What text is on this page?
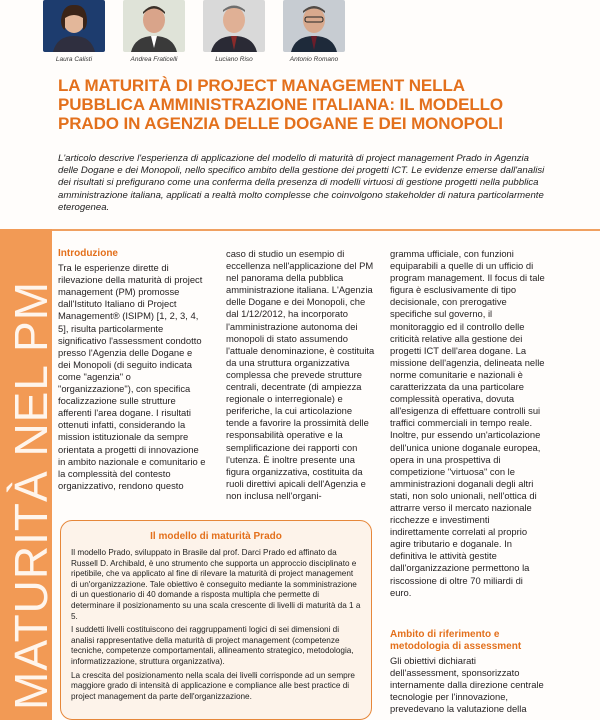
Laura Calisti	Andrea Fraticelli	Luciano Riso	Antonio Romano
LA MATURITÀ DI PROJECT MANAGEMENT NELLA PUBBLICA AMMINISTRAZIONE ITALIANA: IL MODELLO PRADO IN AGENZIA DELLE DOGANE E DEI MONOPOLI

L'articolo descrive l'esperienza di applicazione del modello di maturità di project management Prado in Agenzia delle Dogane e dei Monopoli, nello specifico ambito della gestione dei progetti ICT. Le evidenze emerse dall'analisi dei risultati si prefigurano come una conferma della presenza di modelli virtuosi di gestione progetti nella pubblica amministrazione italiana, applicati a realtà molto complesse che coinvolgono stakeholder di natura particolarmente eterogenea.

MATURITÀ NEL PM
Introduzione

Tra le esperienze dirette di rilevazione della maturità di project management (PM) promosse dall'Istituto Italiano di Project Management® (ISIPM) [1, 2, 3, 4, 5], risulta particolarmente significativo l'assessment condotto presso l'Agenzia delle Dogane e dei Monopoli (di seguito indicata come "agenzia" o "organizzazione"), con specifica focalizzazione sulle strutture afferenti l'area dogane. I risultati ottenuti infatti, considerando la mission istituzionale da sempre orientata a progetti di innovazione in ambito nazionale e comunitario e la complessità del contesto organizzativo, rendono questo

caso di studio un esempio di eccellenza nell'applicazione del PM nel panorama della pubblica amministrazione italiana. L'Agenzia delle Dogane e dei Monopoli, che dal 1/12/2012, ha incorporato l'amministrazione autonoma dei monopoli di stato assumendo l'attuale denominazione, è costituita da una struttura organizzativa complessa che prevede strutture centrali, decentrate (di ampiezza regionale o interregionale) e periferiche, la cui articolazione tende a favorire la prossimità delle responsabilità operative e la semplificazione dei rapporti con l'utenza. È inoltre presente una figura organizzativa, costituita da ruoli direttivi apicali dell'Agenzia e non inclusa nell'organi-

gramma ufficiale, con funzioni equiparabili a quelle di un ufficio di program management. Il focus di tale figura è esclusivamente di tipo decisionale, con prerogative specifiche sul governo, il monitoraggio ed il controllo delle criticità relative alla gestione dei progetti ICT dell'area dogane. La missione dell'agenzia, delineata nelle norme comunitarie e nazionali è caratterizzata da una particolare complessità operativa, dovuta all'esigenza di effettuare controlli sui traffici commerciali in tempo reale. Inoltre, pur essendo un'articolazione dell'unica unione doganale europea, opera in una prospettiva di competizione "virtuosa" con le amministrazioni doganali degli altri stati, non solo unionali, nell'ottica di attrarre verso il mercato nazionale ricchezze e investimenti indirettamente correlati al proprio agire tributario e doganale. In definitiva le attività gestite dall'organizzazione permettono la riscossione di oltre 70 miliardi di euro.

Ambito di riferimento e metodologia di assessment

Gli obiettivi dichiarati dell'assessment, sponsorizzato internamente dalla direzione centrale tecnologie per l'innovazione, prevedevano la valutazione della

Il modello di maturità Prado

Il modello Prado, sviluppato in Brasile dal prof. Darci Prado ed affinato da Russell D. Archibald, è uno strumento che supporta un approccio disciplinato e ripetibile, che va applicato al fine di rilevare la maturità di project management di un'organizzazione. Tale obiettivo è conseguito mediante la somministrazione di un questionario di 40 domande a risposta multipla che permette di determinare il posizionamento su una scala crescente di livelli di maturità da 1 a 5.

I suddetti livelli costituiscono dei raggruppamenti logici di sei dimensioni di analisi rappresentative della maturità di project management (competenze tecniche, competenze comportamentali, allineamento strategico, metodologia, informatizzazione, struttura organizzativa).

La crescita del posizionamento nella scala dei livelli corrisponde ad un sempre maggiore grado di intensità di applicazione e compliance alle best practice di project management da parte dell'organizzazione.
